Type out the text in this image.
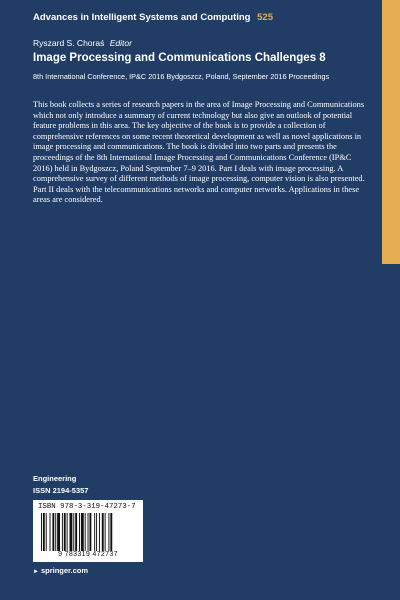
Advances in Intelligent Systems and Computing 525
Ryszard S. Choraś Editor
Image Processing and Communications Challenges 8
8th International Conference, IP&C 2016 Bydgoszcz, Poland, September 2016 Proceedings

This book collects a series of research papers in the area of Image Processing and Communications which not only introduce a summary of current technology but also give an outlook of potential feature problems in this area. The key objective of the book is to provide a collection of comprehensive references on some recent theoretical development as well as novel applications in image processing and communications. The book is divided into two parts and presents the proceedings of the 8th International Image Processing and Communications Conference (IP&C 2016) held in Bydgoszcz, Poland September 7–9 2016. Part I deals with image processing. A comprehensive survey of different methods of image processing, computer vision is also presented. Part II deals with the telecommunications networks and computer networks. Applications in these areas are considered.

Engineering
ISSN 2194-5357
ISBN 978-3-319-47273-7
9 783319 472737
► springer.com
